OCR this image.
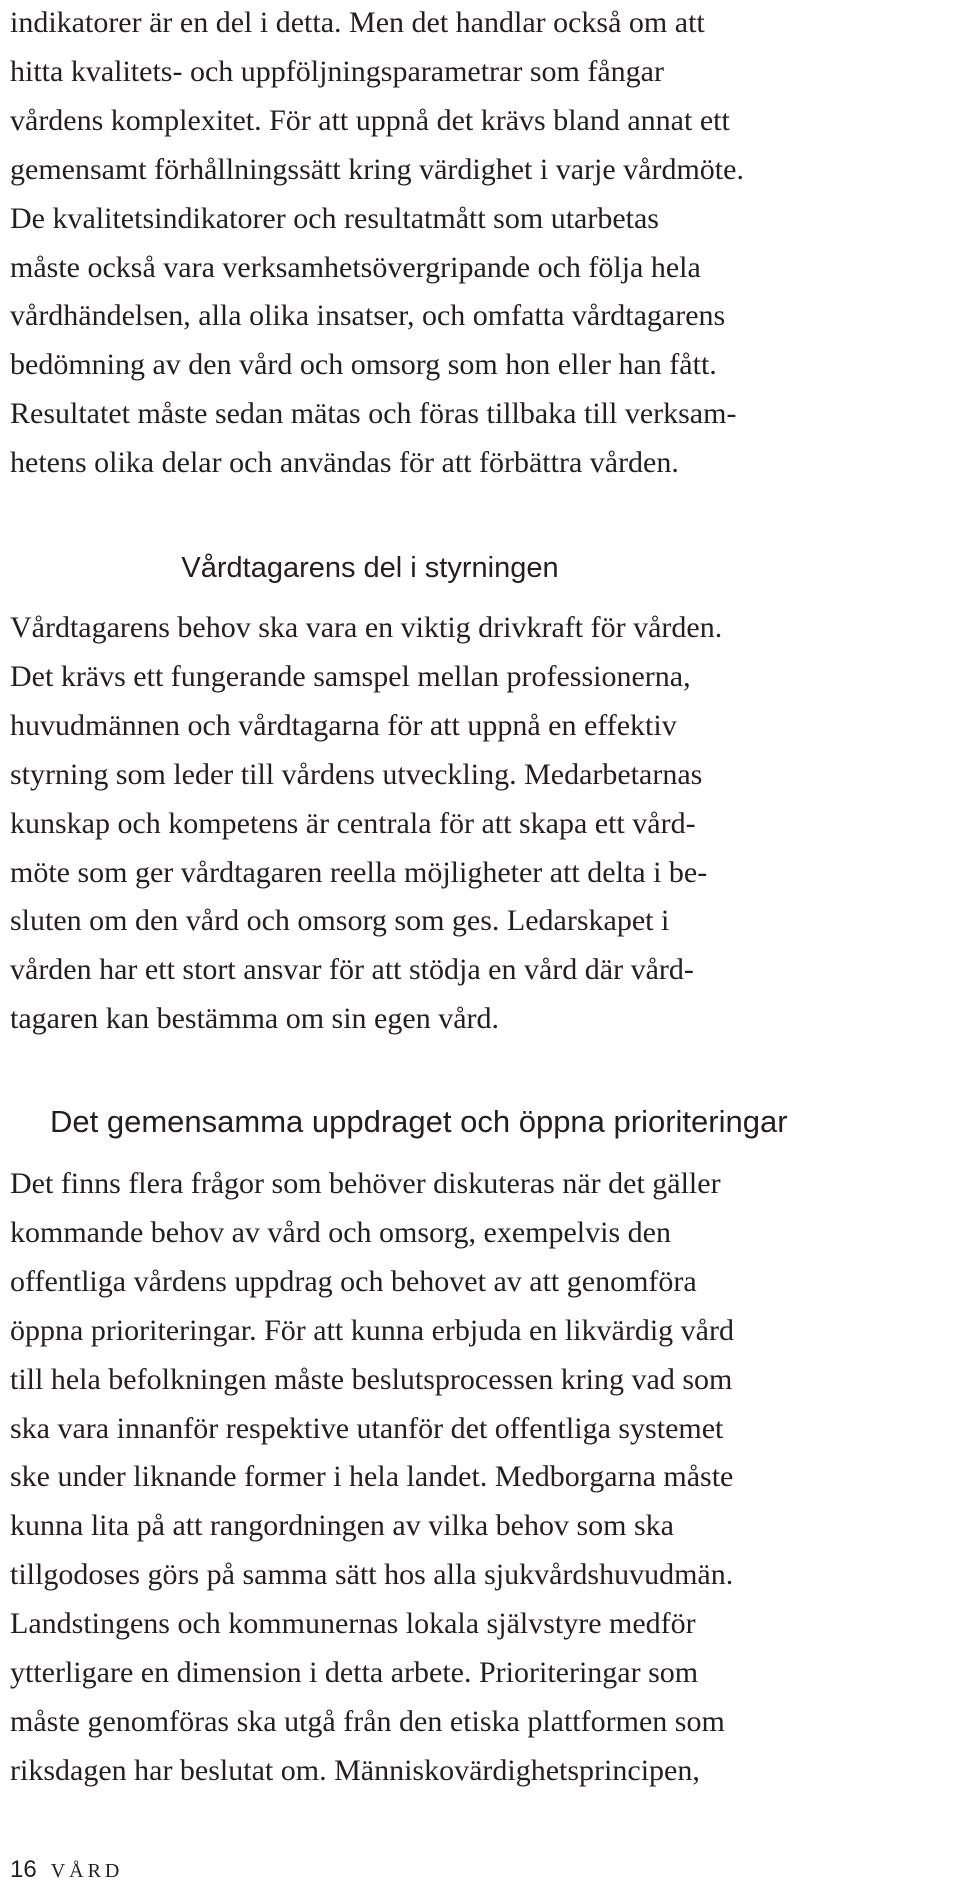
indikatorer är en del i detta. Men det handlar också om att
hitta kvalitets- och uppföljningsparametrar som fångar
vårdens komplexitet. För att uppnå det krävs bland annat ett
gemensamt förhållningssätt kring värdighet i varje vårdmöte.
De kvalitetsindikatorer och resultatmått som utarbetas
måste också vara verksamhetsövergripande och följa hela
vårdhändelsen, alla olika insatser, och omfatta vårdtagarens
bedömning av den vård och omsorg som hon eller han fått.
Resultatet måste sedan mätas och föras tillbaka till verksam-
hetens olika delar och användas för att förbättra vården.
Vårdtagarens del i styrningen
Vårdtagarens behov ska vara en viktig drivkraft för vården.
Det krävs ett fungerande samspel mellan professionerna,
huvudmännen och vårdtagarna för att uppnå en effektiv
styrning som leder till vårdens utveckling. Medarbetarnas
kunskap och kompetens är centrala för att skapa ett vård-
möte som ger vårdtagaren reella möjligheter att delta i be-
sluten om den vård och omsorg som ges. Ledarskapet i
vården har ett stort ansvar för att stödja en vård där vård-
tagaren kan bestämma om sin egen vård.
Det gemensamma uppdraget och öppna prioriteringar
Det finns flera frågor som behöver diskuteras när det gäller
kommande behov av vård och omsorg, exempelvis den
offentliga vårdens uppdrag och behovet av att genomföra
öppna prioriteringar. För att kunna erbjuda en likvärdig vård
till hela befolkningen måste beslutsprocessen kring vad som
ska vara innanför respektive utanför det offentliga systemet
ske under liknande former i hela landet. Medborgarna måste
kunna lita på att rangordningen av vilka behov som ska
tillgodoses görs på samma sätt hos alla sjukvårdshuvudmän.
Landstingens och kommunernas lokala självstyre medför
ytterligare en dimension i detta arbete. Prioriteringar som
måste genomföras ska utgå från den etiska plattformen som
riksdagen har beslutat om. Människovärdighetsprincipen,
16 VÅRD
